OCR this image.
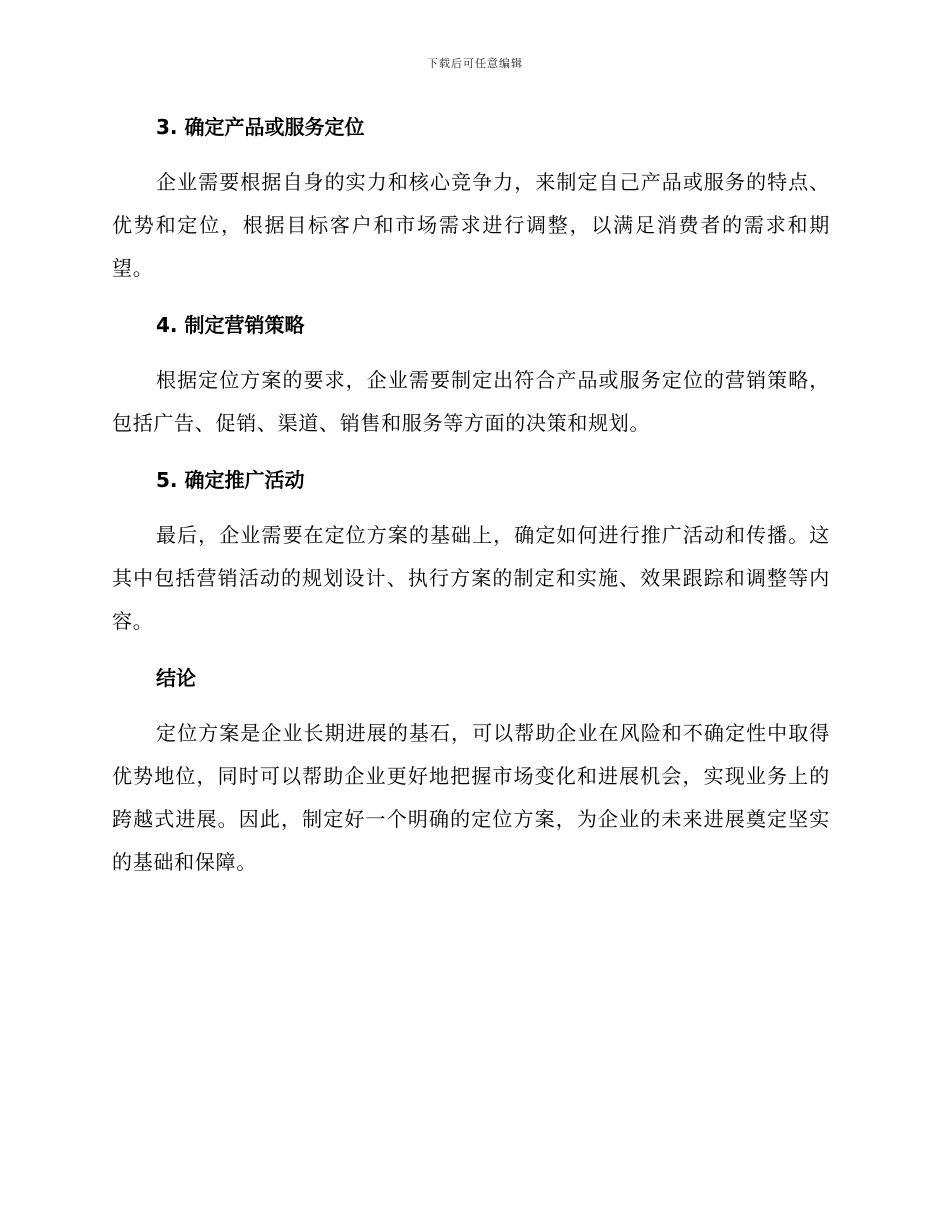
下载后可任意编辑
3. 确定产品或服务定位

企业需要根据自身的实力和核心竞争力，来制定自己产品或服务的特点、优势和定位，根据目标客户和市场需求进行调整，以满足消费者的需求和期望。

4. 制定营销策略

根据定位方案的要求，企业需要制定出符合产品或服务定位的营销策略，包括广告、促销、渠道、销售和服务等方面的决策和规划。

5. 确定推广活动

最后，企业需要在定位方案的基础上，确定如何进行推广活动和传播。这其中包括营销活动的规划设计、执行方案的制定和实施、效果跟踪和调整等内容。

结论

定位方案是企业长期进展的基石，可以帮助企业在风险和不确定性中取得优势地位，同时可以帮助企业更好地把握市场变化和进展机会，实现业务上的跨越式进展。因此，制定好一个明确的定位方案，为企业的未来进展奠定坚实的基础和保障。
